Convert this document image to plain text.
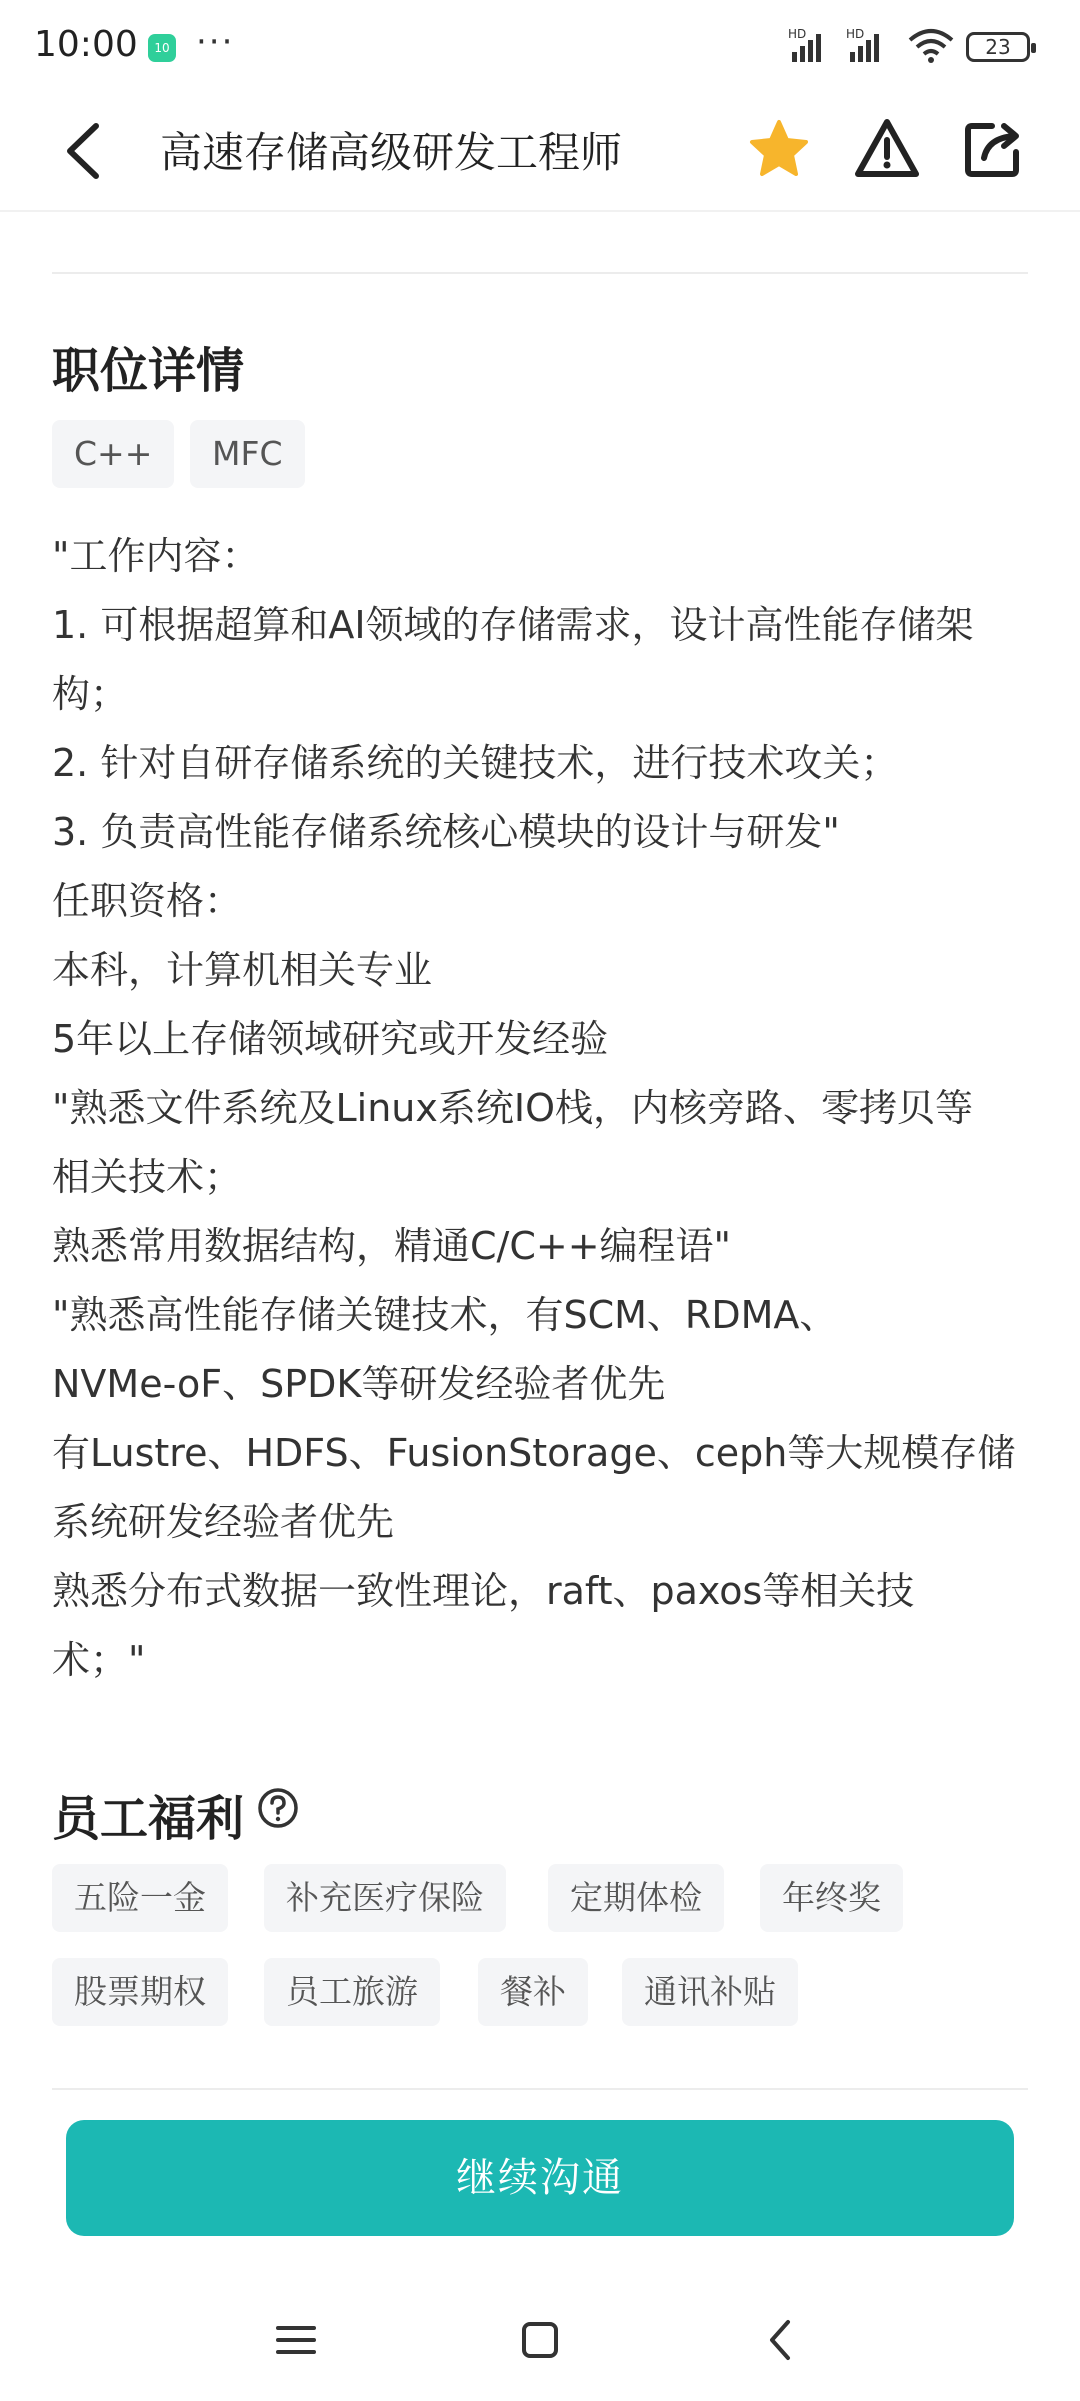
10:00	10 ···	HD	HD
23
高速存储高级研发工程师
职位详情
C++	MFC
"工作内容：
1. 可根据超算和AI领域的存储需求，设计高性能存储架
构；
2. 针对自研存储系统的关键技术，进行技术攻关；
3. 负责高性能存储系统核心模块的设计与研发"
任职资格：
本科，计算机相关专业
5年以上存储领域研究或开发经验
"熟悉文件系统及Linux系统IO栈，内核旁路、零拷贝等
相关技术；
熟悉常用数据结构，精通C/C++编程语"
"熟悉高性能存储关键技术，有SCM、RDMA、
NVMe-oF、SPDK等研发经验者优先
有Lustre、HDFS、FusionStorage、ceph等大规模存储
系统研发经验者优先
熟悉分布式数据一致性理论，raft、paxos等相关技
术；"
员工福利
五险一金	补充医疗保险	定期体检	年终奖
股票期权	员工旅游	餐补	通讯补贴
继续沟通
